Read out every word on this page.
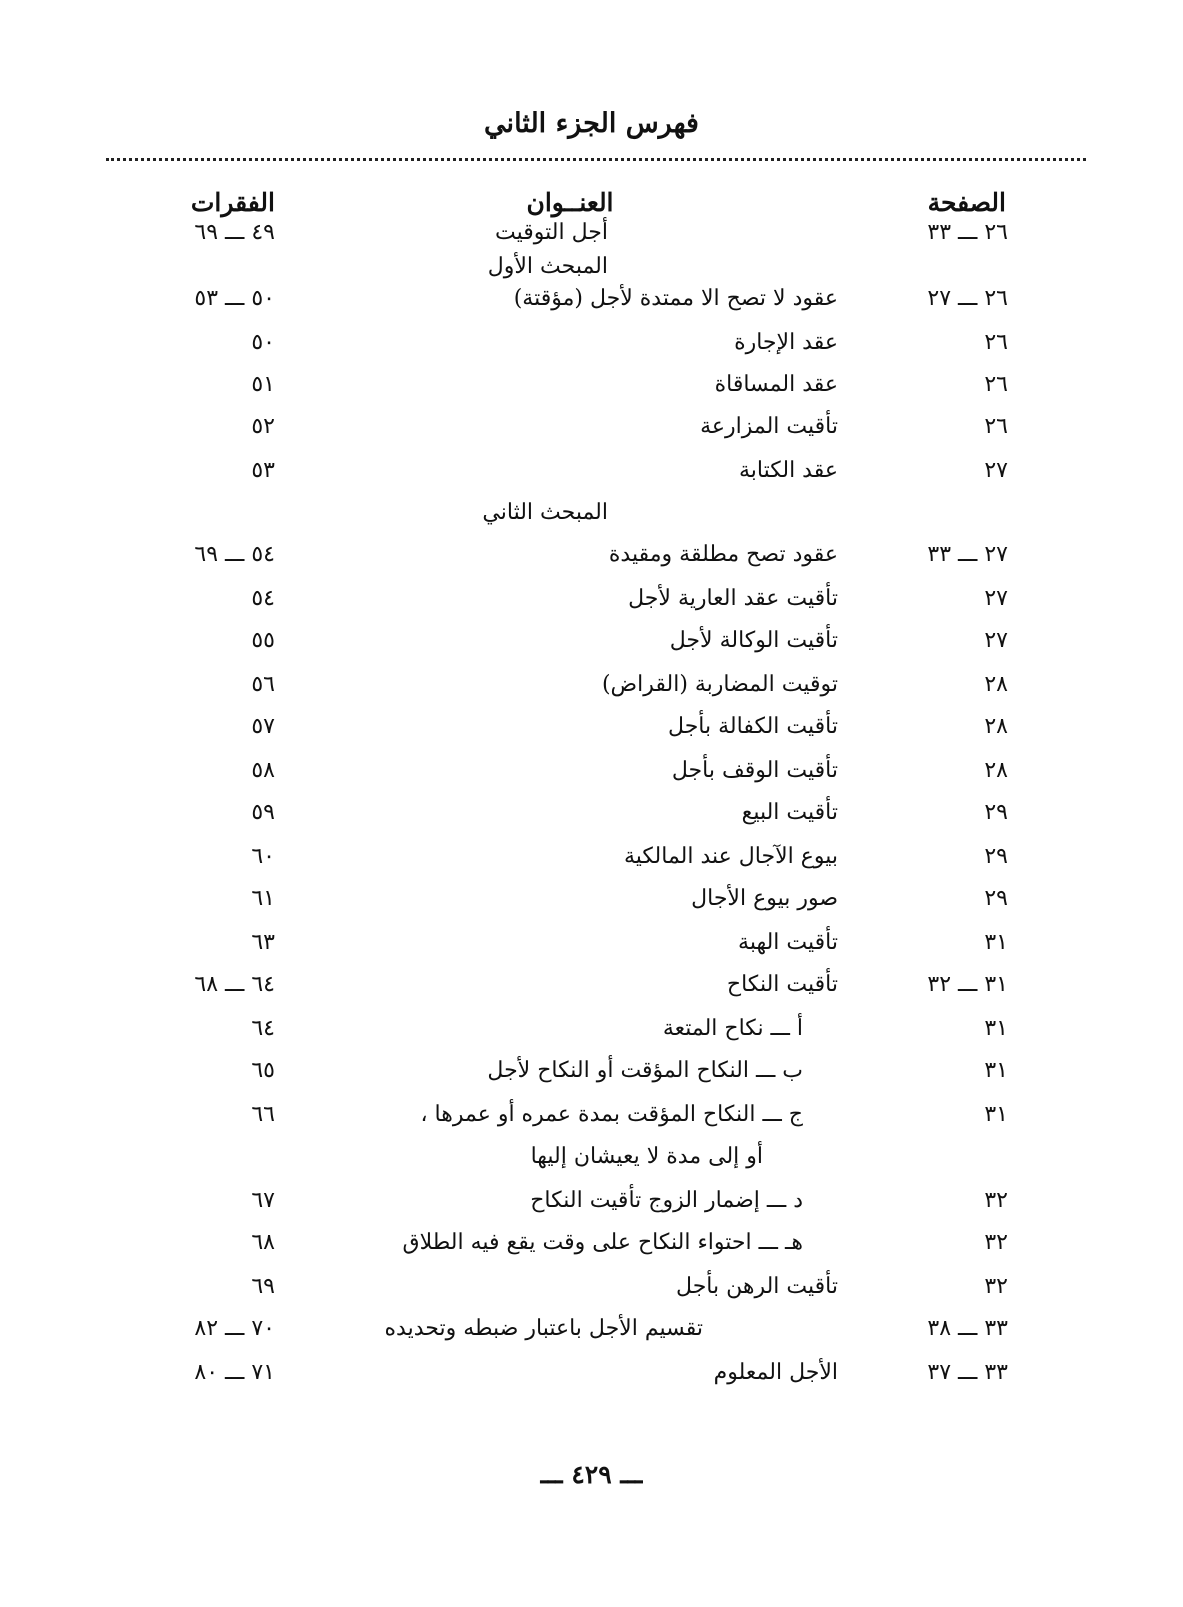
فهرس الجزء الثاني
الصفحة
العنــوان
الفقرات
٢٦ ـــ ٣٣
أجل التوقيت
٤٩ ـــ ٦٩
المبحث الأول
٢٦ ـــ ٢٧
عقود لا تصح الا ممتدة لأجل (مؤقتة)
٥٠ ـــ ٥٣
٢٦
عقد الإجارة
٥٠
٢٦
عقد المساقاة
٥١
٢٦
تأقيت المزارعة
٥٢
٢٧
عقد الكتابة
٥٣
المبحث الثاني
٢٧ ـــ ٣٣
عقود تصح مطلقة ومقيدة
٥٤ ـــ ٦٩
٢٧
تأقيت عقد العارية لأجل
٥٤
٢٧
تأقيت الوكالة لأجل
٥٥
٢٨
توقيت المضاربة (القراض)
٥٦
٢٨
تأقيت الكفالة بأجل
٥٧
٢٨
تأقيت الوقف بأجل
٥٨
٢٩
تأقيت البيع
٥٩
٢٩
بيوع الآجال عند المالكية
٦٠
٢٩
صور بيوع الأجال
٦١
٣١
تأقيت الهبة
٦٣
٣١ ـــ ٣٢
تأقيت النكاح
٦٤ ـــ ٦٨
٣١
أ ـــ نكاح المتعة
٦٤
٣١
ب ـــ النكاح المؤقت أو النكاح لأجل
٦٥
٣١
ج ـــ النكاح المؤقت بمدة عمره أو عمرها ،
٦٦
أو إلى مدة لا يعيشان إليها
٣٢
د ـــ إضمار الزوج تأقيت النكاح
٦٧
٣٢
هـ ـــ احتواء النكاح على وقت يقع فيه الطلاق
٦٨
٣٢
تأقيت الرهن بأجل
٦٩
٣٣ ـــ ٣٨
تقسيم الأجل باعتبار ضبطه وتحديده
٧٠ ـــ ٨٢
٣٣ ـــ ٣٧
الأجل المعلوم
٧١ ـــ ٨٠
ـــ ٤٢٩ ـــ
